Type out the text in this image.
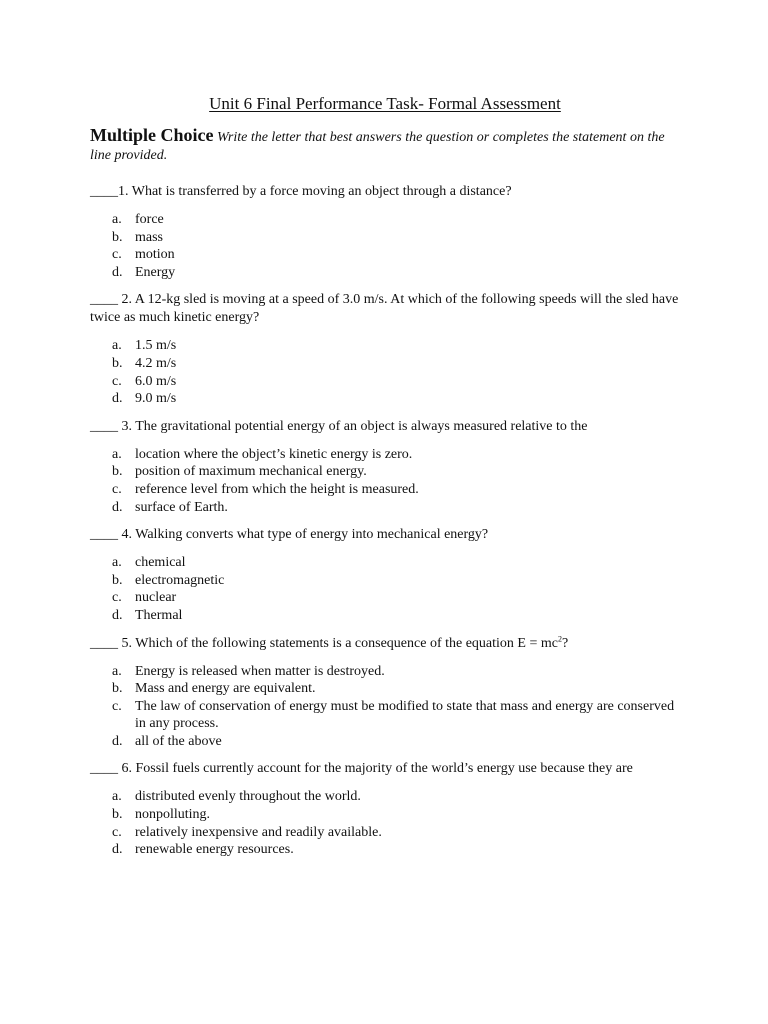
Unit 6 Final Performance Task- Formal Assessment
Multiple Choice Write the letter that best answers the question or completes the statement on the line provided.
____1. What is transferred by a force moving an object through a distance?
a. force
b. mass
c. motion
d. Energy
____ 2. A 12-kg sled is moving at a speed of 3.0 m/s. At which of the following speeds will the sled have twice as much kinetic energy?
a. 1.5 m/s
b. 4.2 m/s
c. 6.0 m/s
d. 9.0 m/s
____ 3. The gravitational potential energy of an object is always measured relative to the
a. location where the object’s kinetic energy is zero.
b. position of maximum mechanical energy.
c. reference level from which the height is measured.
d. surface of Earth.
____ 4. Walking converts what type of energy into mechanical energy?
a. chemical
b. electromagnetic
c. nuclear
d. Thermal
____ 5. Which of the following statements is a consequence of the equation $E = mc^2$?
a. Energy is released when matter is destroyed.
b. Mass and energy are equivalent.
c. The law of conservation of energy must be modified to state that mass and energy are conserved in any process.
d. all of the above
____ 6. Fossil fuels currently account for the majority of the world’s energy use because they are
a. distributed evenly throughout the world.
b. nonpolluting.
c. relatively inexpensive and readily available.
d. renewable energy resources.
